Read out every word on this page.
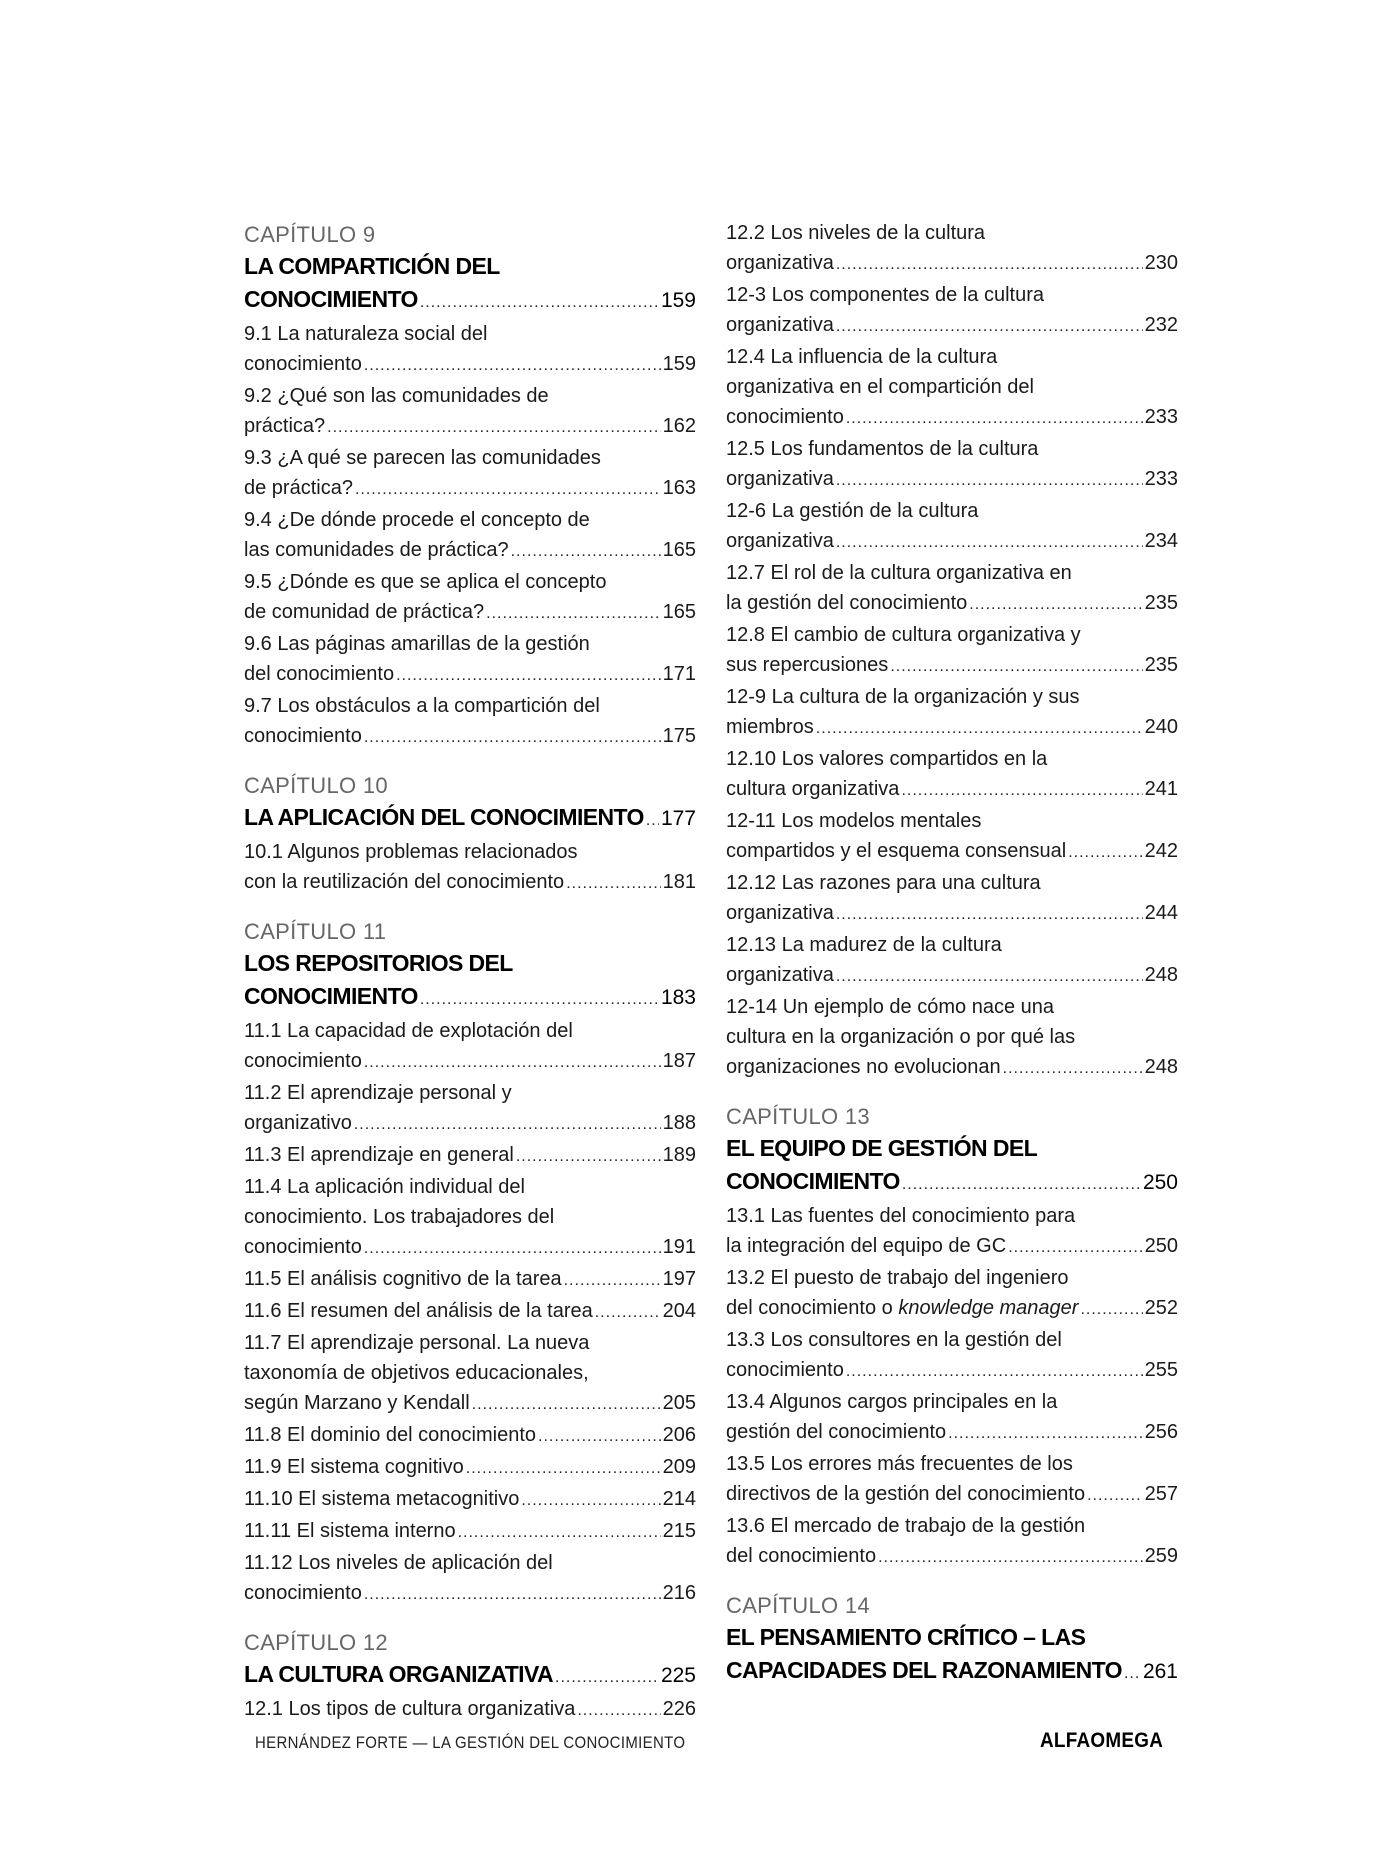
CAPÍTULO 9
LA COMPARTICIÓN DEL
CONOCIMIENTO .....	159
9.1 La naturaleza social del
conocimiento .....	159
9.2 ¿Qué son las comunidades de
práctica? .....	162
9.3 ¿A qué se parecen las comunidades
de práctica? .....	163
9.4 ¿De dónde procede el concepto de
las comunidades de práctica? .....	165
9.5 ¿Dónde es que se aplica el concepto
de comunidad de práctica? .....	165
9.6 Las páginas amarillas de la gestión
del conocimiento .....	171
9.7 Los obstáculos a la compartición del
conocimiento .....	175
CAPÍTULO 10
LA APLICACIÓN DEL CONOCIMIENTO ..... 177
10.1 Algunos problemas relacionados
con la reutilización del conocimiento .....	181
CAPÍTULO 11
LOS REPOSITORIOS DEL
CONOCIMIENTO .....	183
11.1 La capacidad de explotación del
conocimiento .....	187
11.2 El aprendizaje personal y
organizativo .....	188
11.3 El aprendizaje en general .....	189
11.4 La aplicación individual del
conocimiento. Los trabajadores del
conocimiento .....	191
11.5 El análisis cognitivo de la tarea .....	197
11.6 El resumen del análisis de la tarea .....	204
11.7 El aprendizaje personal. La nueva
taxonomía de objetivos educacionales,
según Marzano y Kendall .....	205
11.8 El dominio del conocimiento .....	206
11.9 El sistema cognitivo .....	209
11.10 El sistema metacognitivo .....	214
11.11 El sistema interno .....	215
11.12 Los niveles de aplicación del
conocimiento .....	216
CAPÍTULO 12
LA CULTURA ORGANIZATIVA .....	225
12.1 Los tipos de cultura organizativa .....	226
12.2 Los niveles de la cultura
organizativa .....	230
12-3 Los componentes de la cultura
organizativa .....	232
12.4 La influencia de la cultura
organizativa en el compartición del
conocimiento .....	233
12.5 Los fundamentos de la cultura
organizativa .....	233
12-6 La gestión de la cultura
organizativa .....	234
12.7 El rol de la cultura organizativa en
la gestión del conocimiento .....	235
12.8 El cambio de cultura organizativa y
sus repercusiones .....	235
12-9 La cultura de la organización y sus
miembros .....	240
12.10 Los valores compartidos en la
cultura organizativa .....	241
12-11 Los modelos mentales
compartidos y el esquema consensual .....	242
12.12 Las razones para una cultura
organizativa .....	244
12.13 La madurez de la cultura
organizativa .....	248
12-14 Un ejemplo de cómo nace una
cultura en la organización o por qué las
organizaciones no evolucionan .....	248
CAPÍTULO 13
EL EQUIPO DE GESTIÓN DEL
CONOCIMIENTO .....	250
13.1 Las fuentes del conocimiento para
la integración del equipo de GC .....	250
13.2 El puesto de trabajo del ingeniero
del conocimiento o knowledge manager .....	252
13.3 Los consultores en la gestión del
conocimiento .....	255
13.4 Algunos cargos principales en la
gestión del conocimiento .....	256
13.5 Los errores más frecuentes de los
directivos de la gestión del conocimiento .....	257
13.6 El mercado de trabajo de la gestión
del conocimiento .....	259
CAPÍTULO 14
EL PENSAMIENTO CRÍTICO – LAS
CAPACIDADES DEL RAZONAMIENTO ..... 261
HERNÁNDEZ FORTE — LA GESTIÓN DEL CONOCIMIENTO	ALFAOMEGA
